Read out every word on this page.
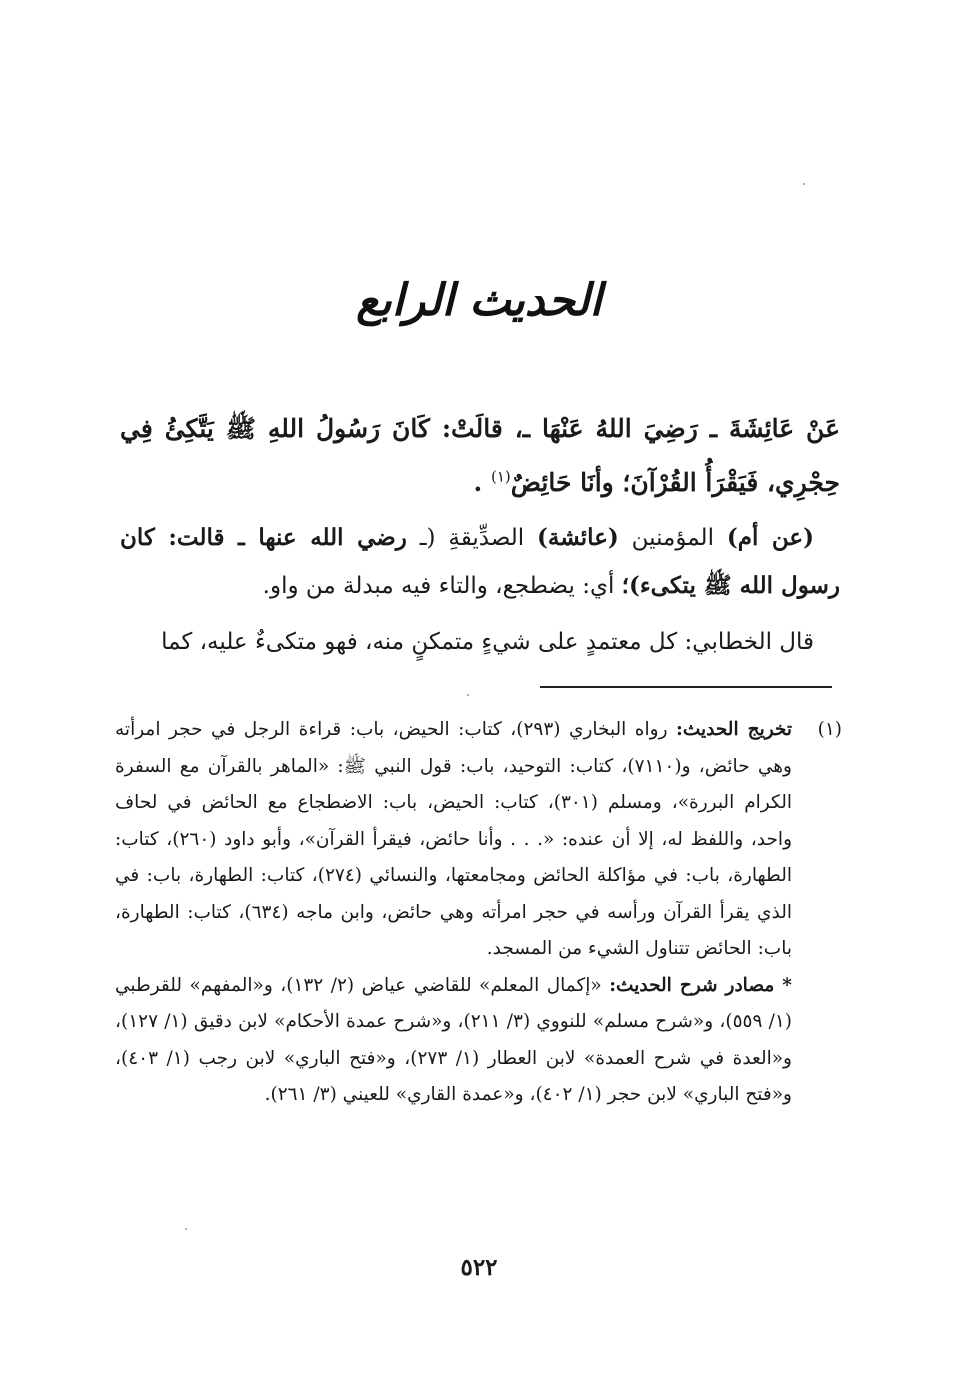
الحديث الرابع
عَنْ عَائِشَةَ ـ رَضِيَ اللهُ عَنْهَا ـ، قالَتْ: كَانَ رَسُولُ اللهِ ﷺ يَتَّكِئُ فِي حِجْرِي، فَيَقْرَأُ القُرْآنَ؛ وأنَا حَائِضٌ$^{(١)}$ .

(عن أم) المؤمنين (عائشة) الصدِّيقةِ (ـ رضي الله عنها ـ قالت: كان رسول الله ﷺ يتكىء)؛ أي: يضطجع، والتاء فيه مبدلة من واو.

قال الخطابي: كل معتمدٍ على شيءٍ متمكنٍ منه، فهو متكىءٌ عليه، كما

(١)
تخريج الحديث: رواه البخاري (٢٩٣)، كتاب: الحيض، باب: قراءة الرجل في حجر امرأته وهي حائض، و(٧١١٠)، كتاب: التوحيد، باب: قول النبي ﷺ: «الماهر بالقرآن مع السفرة الكرام البررة»، ومسلم (٣٠١)، كتاب: الحيض، باب: الاضطجاع مع الحائض في لحاف واحد، واللفظ له، إلا أن عنده: «. . . وأنا حائض، فيقرأ القرآن»، وأبو داود (٢٦٠)، كتاب: الطهارة، باب: في مؤاكلة الحائض ومجامعتها، والنسائي (٢٧٤)، كتاب: الطهارة، باب: في الذي يقرأ القرآن ورأسه في حجر امرأته وهي حائض، وابن ماجه (٦٣٤)، كتاب: الطهارة، باب: الحائض تتناول الشيء من المسجد.
* مصادر شرح الحديث: «إكمال المعلم» للقاضي عياض (٢/ ١٣٢)، و«المفهم» للقرطبي (١/ ٥٥٩)، و«شرح مسلم» للنووي (٣/ ٢١١)، و«شرح عمدة الأحكام» لابن دقيق (١/ ١٢٧)، و«العدة في شرح العمدة» لابن العطار (١/ ٢٧٣)، و«فتح الباري» لابن رجب (١/ ٤٠٣)، و«فتح الباري» لابن حجر (١/ ٤٠٢)، و«عمدة القاري» للعيني (٣/ ٢٦١).
٥٢٢
